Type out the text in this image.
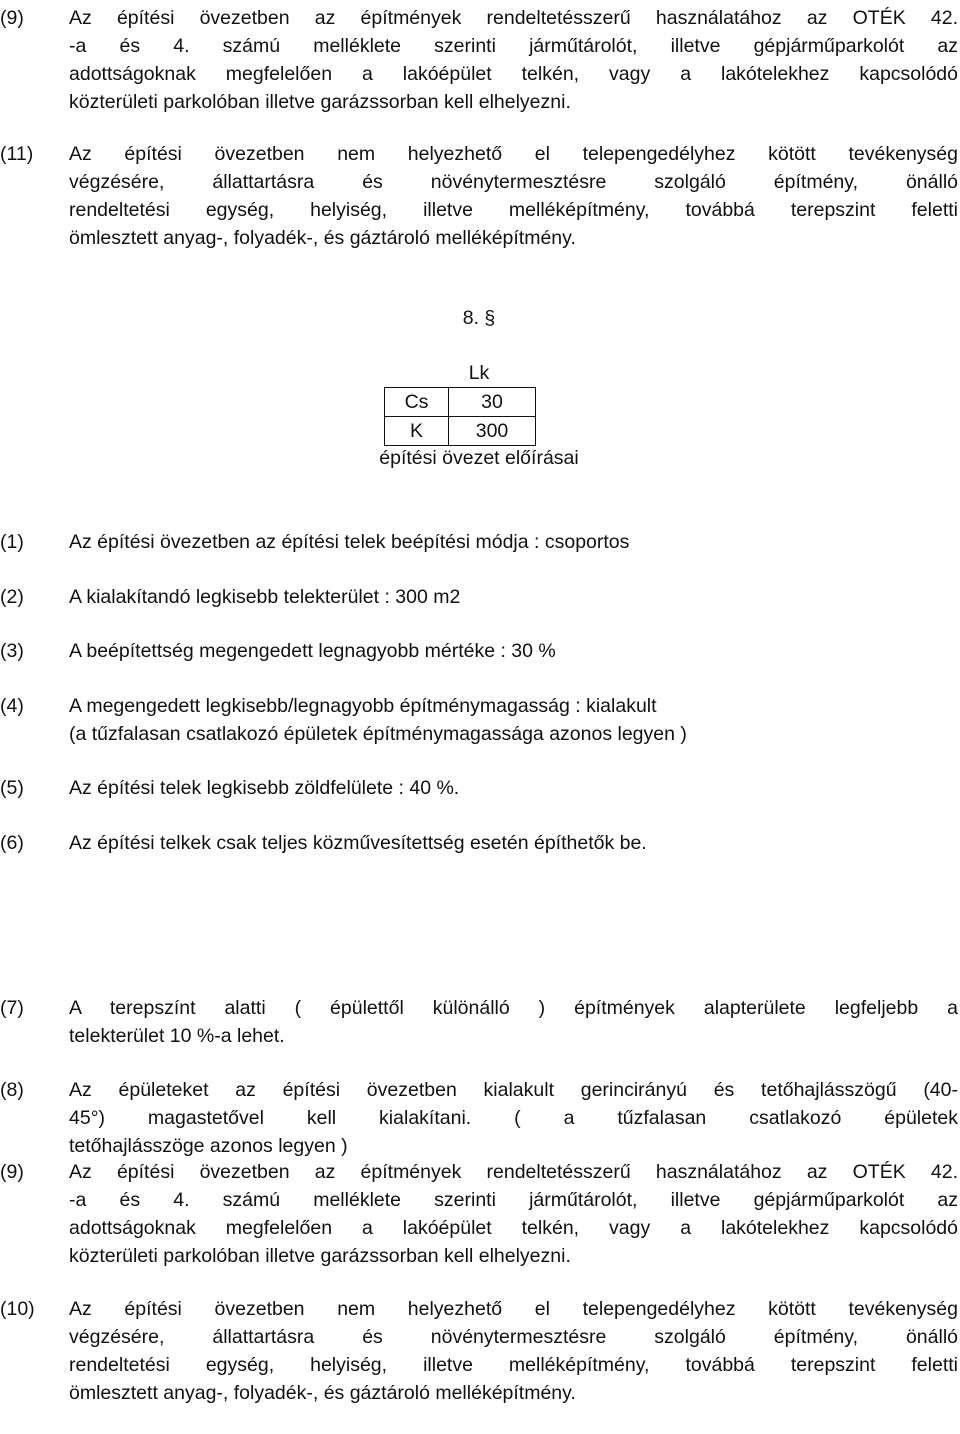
(9) Az építési övezetben az építmények rendeltetésszerű használatához az OTÉK 42.
-a és 4. számú melléklete szerinti járműtárolót, illetve gépjárműparkolót az
adottságoknak megfelelően a lakóépület telkén, vagy a lakótelekhez kapcsolódó
közterületi parkolóban illetve garázssorban kell elhelyezni.
(11) Az építési övezetben nem helyezhető el telepengedélyhez kötött tevékenység
végzésére, állattartásra és növénytermesztésre szolgáló építmény, önálló
rendeltetési egység, helyiség, illetve melléképítmény, továbbá terepszint feletti
ömlesztett anyag-, folyadék-, és gáztároló melléképítmény.
8. §
Lk
Cs	30
K	300
építési övezet előírásai
(1) Az építési övezetben az építési telek beépítési módja : csoportos
(2) A kialakítandó legkisebb telekterület : 300 m2
(3) A beépítettség megengedett legnagyobb mértéke : 30 %
(4) A megengedett legkisebb/legnagyobb építménymagasság : kialakult
(a tűzfalasan csatlakozó épületek építménymagassága azonos legyen )
(5) Az építési telek legkisebb zöldfelülete : 40 %.
(6) Az építési telkek csak teljes közművesítettség esetén építhetők be.
(7) A terepszínt alatti ( épülettől különálló ) építmények alapterülete legfeljebb a
telekterület 10 %-a lehet.
(8) Az épületeket az építési övezetben kialakult gerincirányú és tetőhajlásszögű (40-
45°) magastetővel kell kialakítani. ( a tűzfalasan csatlakozó épületek
tetőhajlásszöge azonos legyen )
(9) Az építési övezetben az építmények rendeltetésszerű használatához az OTÉK 42.
-a és 4. számú melléklete szerinti járműtárolót, illetve gépjárműparkolót az
adottságoknak megfelelően a lakóépület telkén, vagy a lakótelekhez kapcsolódó
közterületi parkolóban illetve garázssorban kell elhelyezni.
(10) Az építési övezetben nem helyezhető el telepengedélyhez kötött tevékenység
végzésére, állattartásra és növénytermesztésre szolgáló építmény, önálló
rendeltetési egység, helyiség, illetve melléképítmény, továbbá terepszint feletti
ömlesztett anyag-, folyadék-, és gáztároló melléképítmény.
